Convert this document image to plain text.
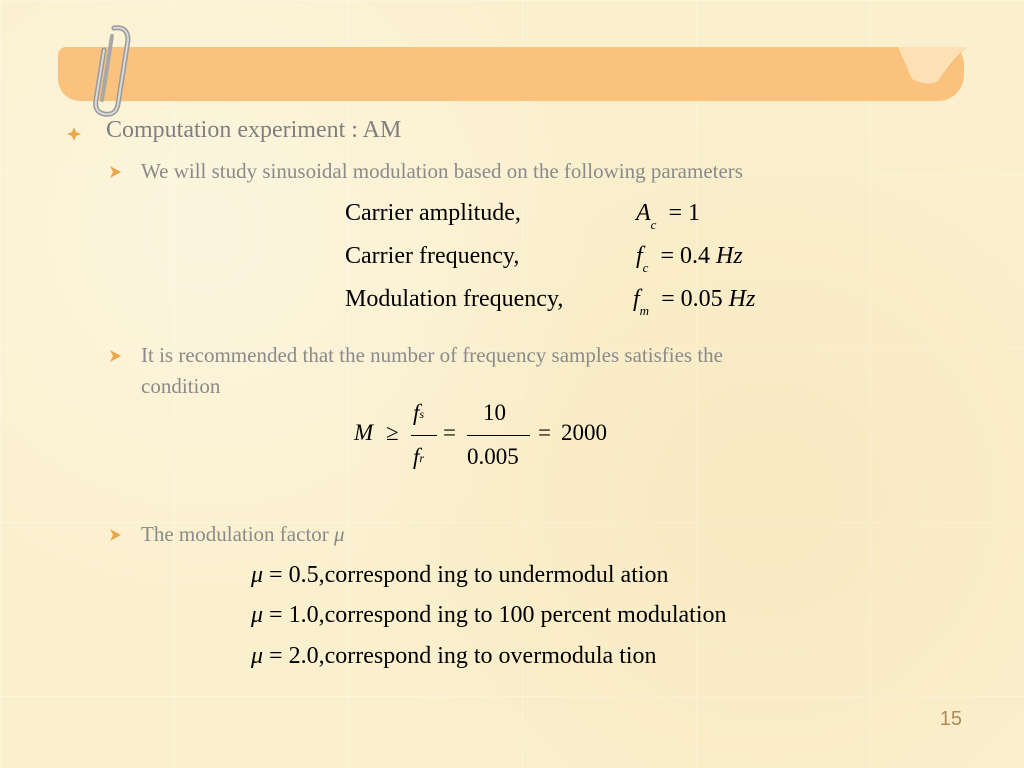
Computation experiment : AM
We will study sinusoidal modulation based on the following parameters
Carrier amplitude,	$A_c = 1$
Carrier frequency,	$f_c = 0.4$ Hz
Modulation frequency,	$f_m = 0.05$ Hz
It is recommended that the number of frequency samples satisfies the
condition
M ≥
fs
fr
=
10
0.005
= 2000
The modulation factor μ
μ = 0.5,correspond ing to undermodul ation
μ = 1.0,correspond ing to 100 percent modulation
μ = 2.0,correspond ing to overmodula tion
15
